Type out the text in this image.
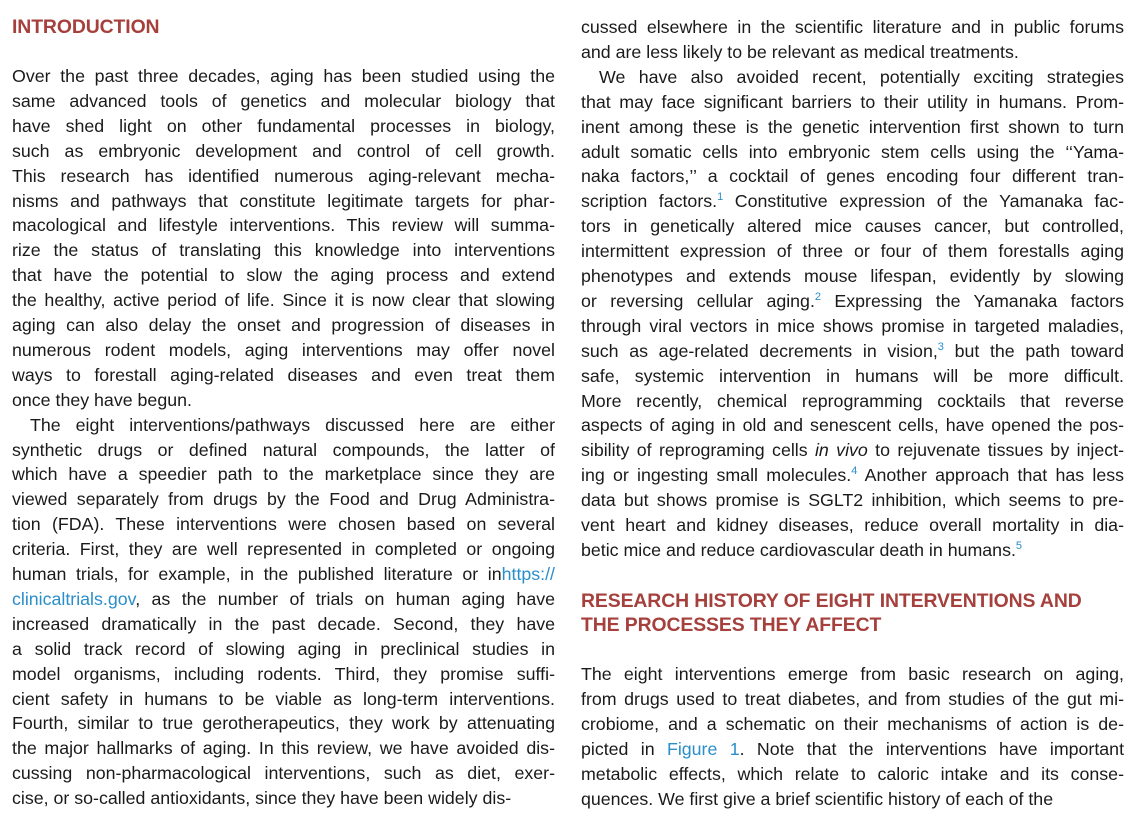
INTRODUCTION
Over the past three decades, aging has been studied using the
same advanced tools of genetics and molecular biology that
have shed light on other fundamental processes in biology,
such as embryonic development and control of cell growth.
This research has identified numerous aging-relevant mecha-
nisms and pathways that constitute legitimate targets for phar-
macological and lifestyle interventions. This review will summa-
rize the status of translating this knowledge into interventions
that have the potential to slow the aging process and extend
the healthy, active period of life. Since it is now clear that slowing
aging can also delay the onset and progression of diseases in
numerous rodent models, aging interventions may offer novel
ways to forestall aging-related diseases and even treat them
once they have begun.
The eight interventions/pathways discussed here are either
synthetic drugs or defined natural compounds, the latter of
which have a speedier path to the marketplace since they are
viewed separately from drugs by the Food and Drug Administra-
tion (FDA). These interventions were chosen based on several
criteria. First, they are well represented in completed or ongoing
human trials, for example, in the published literature or inhttps://
clinicaltrials.gov, as the number of trials on human aging have
increased dramatically in the past decade. Second, they have
a solid track record of slowing aging in preclinical studies in
model organisms, including rodents. Third, they promise suffi-
cient safety in humans to be viable as long-term interventions.
Fourth, similar to true gerotherapeutics, they work by attenuating
the major hallmarks of aging. In this review, we have avoided dis-
cussing non-pharmacological interventions, such as diet, exer-
cise, or so-called antioxidants, since they have been widely dis-
cussed elsewhere in the scientific literature and in public forums
and are less likely to be relevant as medical treatments.
We have also avoided recent, potentially exciting strategies
that may face significant barriers to their utility in humans. Prom-
inent among these is the genetic intervention first shown to turn
adult somatic cells into embryonic stem cells using the ‘‘Yama-
naka factors,’’ a cocktail of genes encoding four different tran-
scription factors.$^1$ Constitutive expression of the Yamanaka fac-
tors in genetically altered mice causes cancer, but controlled,
intermittent expression of three or four of them forestalls aging
phenotypes and extends mouse lifespan, evidently by slowing
or reversing cellular aging.$^2$ Expressing the Yamanaka factors
through viral vectors in mice shows promise in targeted maladies,
such as age-related decrements in vision,$^3$ but the path toward
safe, systemic intervention in humans will be more difficult.
More recently, chemical reprogramming cocktails that reverse
aspects of aging in old and senescent cells, have opened the pos-
sibility of reprograming cells in vivo to rejuvenate tissues by inject-
ing or ingesting small molecules.$^4$ Another approach that has less
data but shows promise is SGLT2 inhibition, which seems to pre-
vent heart and kidney diseases, reduce overall mortality in dia-
betic mice and reduce cardiovascular death in humans.$^5$
RESEARCH HISTORY OF EIGHT INTERVENTIONS AND
THE PROCESSES THEY AFFECT
The eight interventions emerge from basic research on aging,
from drugs used to treat diabetes, and from studies of the gut mi-
crobiome, and a schematic on their mechanisms of action is de-
picted in Figure 1. Note that the interventions have important
metabolic effects, which relate to caloric intake and its conse-
quences. We first give a brief scientific history of each of the
